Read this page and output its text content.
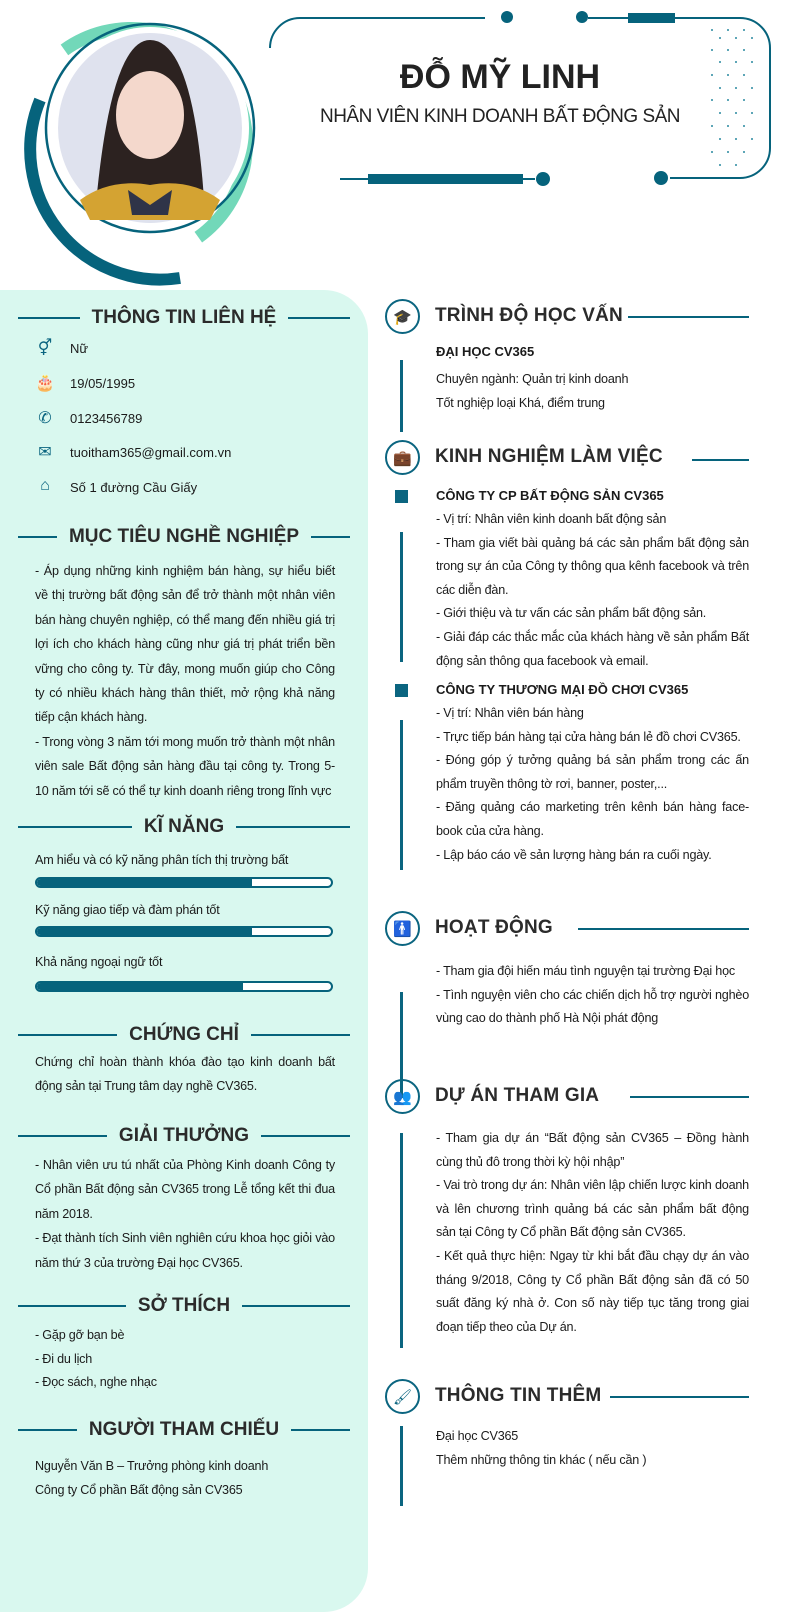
ĐỖ MỸ LINH
NHÂN VIÊN KINH DOANH BẤT ĐỘNG SẢN
THÔNG TIN LIÊN HỆ
⚥ Nữ
🎂 19/05/1995
✆	0123456789
✉	tuoitham365@gmail.com.vn
⌂	Số 1 đường Cầu Giấy
MỤC TIÊU NGHỀ NGHIỆP
- Áp dụng những kinh nghiệm bán hàng, sự hiểu biết về thị trường bất động sản để trở thành một nhân viên bán hàng chuyên nghiệp, có thể mang đến nhiều giá trị lợi ích cho khách hàng cũng như giá trị phát triển bền vững cho công ty. Từ đây, mong muốn giúp cho Công ty có nhiều khách hàng thân thiết, mở rộng khả năng tiếp cận khách hàng.
- Trong vòng 3 năm tới mong muốn trở thành một nhân viên sale Bất động sản hàng đầu tại công ty. Trong 5-10 năm tới sẽ có thể tự kinh doanh riêng trong lĩnh vực
KĨ NĂNG
Am hiểu và có kỹ năng phân tích thị trường bất
Kỹ năng giao tiếp và đàm phán tốt
Khả năng ngoại ngữ tốt
CHỨNG CHỈ
Chứng chỉ hoàn thành khóa đào tạo kinh doanh bất động sản tại Trung tâm dạy nghề CV365.
GIẢI THƯỞNG
- Nhân viên ưu tú nhất của Phòng Kinh doanh Công ty Cổ phần Bất động sản CV365 trong Lễ tổng kết thi đua năm 2018.
- Đạt thành tích Sinh viên nghiên cứu khoa học giỏi vào năm thứ 3 của trường Đại học CV365.
SỞ THÍCH
- Gặp gỡ bạn bè
- Đi du lịch
- Đọc sách, nghe nhạc
NGƯỜI THAM CHIẾU
Nguyễn Văn B – Trưởng phòng kinh doanh
Công ty Cổ phần Bất động sản CV365
🎓	TRÌNH ĐỘ HỌC VẤN
ĐẠI HỌC CV365
Chuyên ngành: Quản trị kinh doanh
Tốt nghiệp loại Khá, điểm trung
💼	KINH NGHIỆM LÀM VIỆC
CÔNG TY CP BẤT ĐỘNG SẢN CV365
- Vị trí: Nhân viên kinh doanh bất động sản
- Tham gia viết bài quảng bá các sản phẩm bất động sản trong sự án của Công ty thông qua kênh facebook và trên các diễn đàn.
- Giới thiệu và tư vấn các sản phẩm bất động sản.
- Giải đáp các thắc mắc của khách hàng về sản phẩm Bất động sản thông qua facebook và email.
CÔNG TY THƯƠNG MẠI ĐỒ CHƠI CV365
- Vị trí: Nhân viên bán hàng
- Trực tiếp bán hàng tại cửa hàng bán lẻ đồ chơi CV365.
- Đóng góp ý tưởng quảng bá sản phẩm trong các ấn phẩm truyền thông tờ rơi, banner, poster,...
- Đăng quảng cáo marketing trên kênh bán hàng face-book của cửa hàng.
- Lập báo cáo về sản lượng hàng bán ra cuối ngày.
🚹	HOẠT ĐỘNG
- Tham gia đội hiến máu tình nguyện tại trường Đại học
- Tình nguyện viên cho các chiến dịch hỗ trợ người nghèo vùng cao do thành phố Hà Nội phát động
👥	DỰ ÁN THAM GIA
- Tham gia dự án “Bất động sản CV365 – Đồng hành cùng thủ đô trong thời kỳ hội nhập”
- Vai trò trong dự án: Nhân viên lập chiến lược kinh doanh và lên chương trình quảng bá các sản phẩm bất động sản tại Công ty Cổ phần Bất động sản CV365.
- Kết quả thực hiện: Ngay từ khi bắt đầu chạy dự án vào tháng 9/2018, Công ty Cổ phần Bất động sản đã có 50 suất đăng ký nhà ở. Con số này tiếp tục tăng trong giai đoạn tiếp theo của Dự án.
🖌	THÔNG TIN THÊM
Đại học CV365
Thêm những thông tin khác ( nếu cần )
